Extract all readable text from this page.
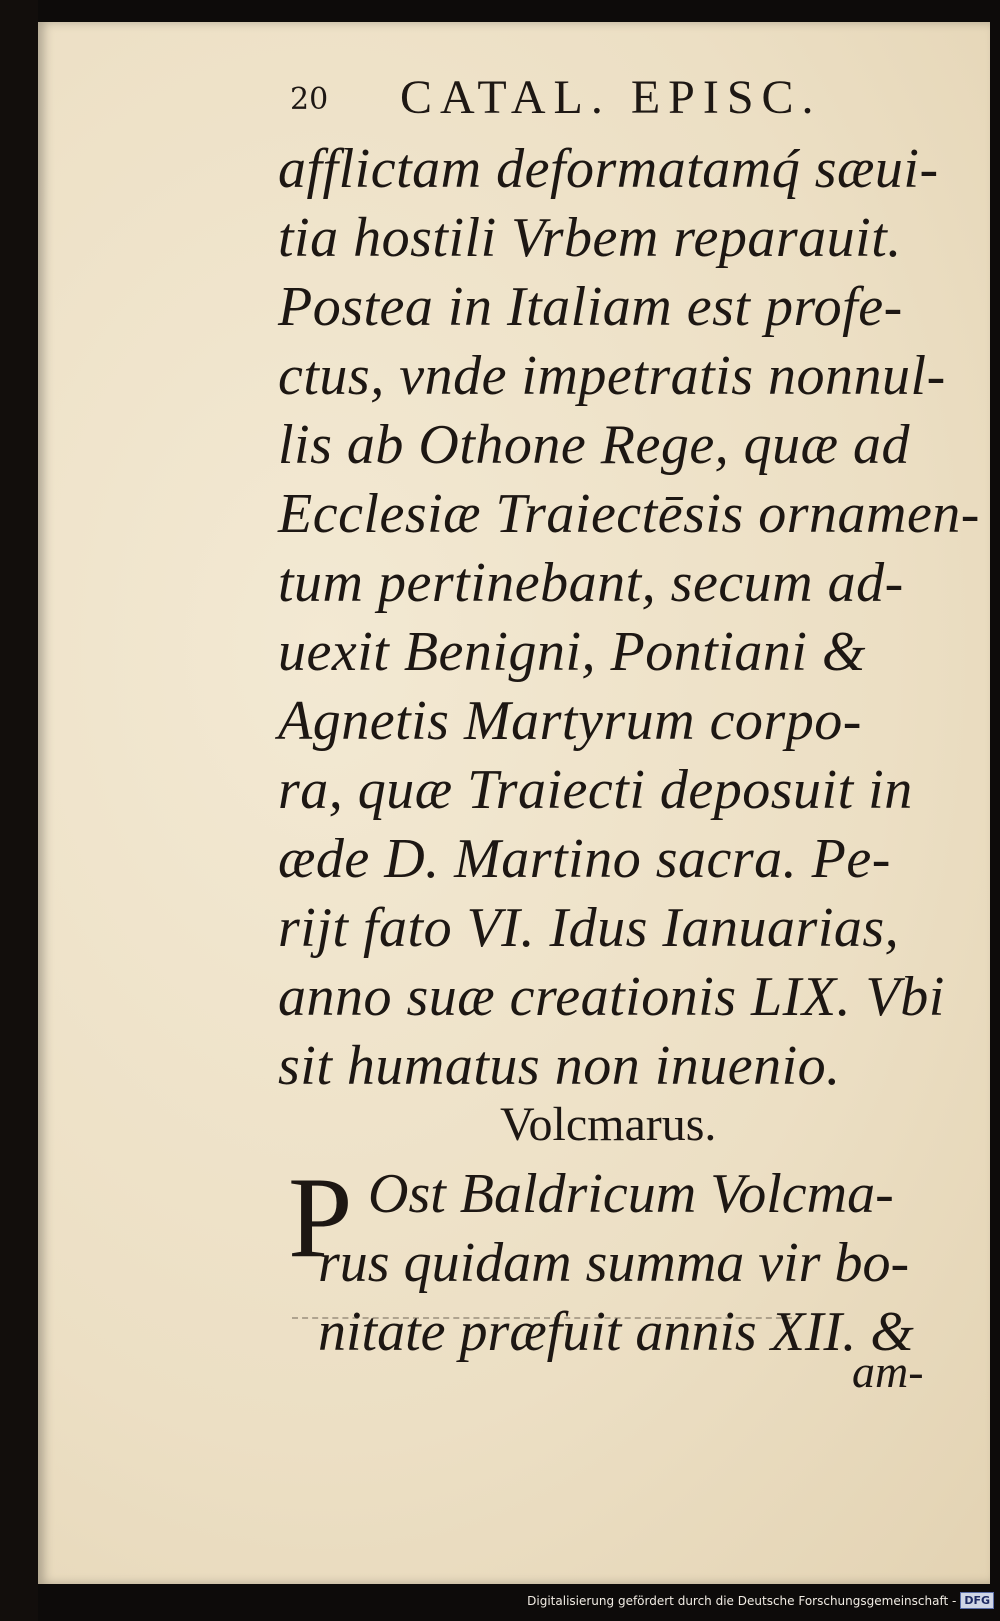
20 CATAL. EPISC.
afflictam deformatamq́ sæui-
tia hostili Vrbem reparauit.
Postea in Italiam est profe-
ctus, vnde impetratis nonnul-
lis ab Othone Rege, quæ ad
Ecclesiæ Traiectēsis ornamen-
tum pertinebant, secum ad-
uexit Benigni, Pontiani &
Agnetis Martyrum corpo-
ra, quæ Traiecti deposuit in
æde D. Martino sacra. Pe-
rijt fato VI. Idus Ianuarias,
anno suæ creationis LIX. Vbi
sit humatus non inuenio.
Volcmarus.
P Ost Baldricum Volcma-
rus quidam summa vir bo-
nitate præfuit annis XII. &
am-
Digitalisierung gefördert durch die Deutsche Forschungsgemeinschaft - DFG
